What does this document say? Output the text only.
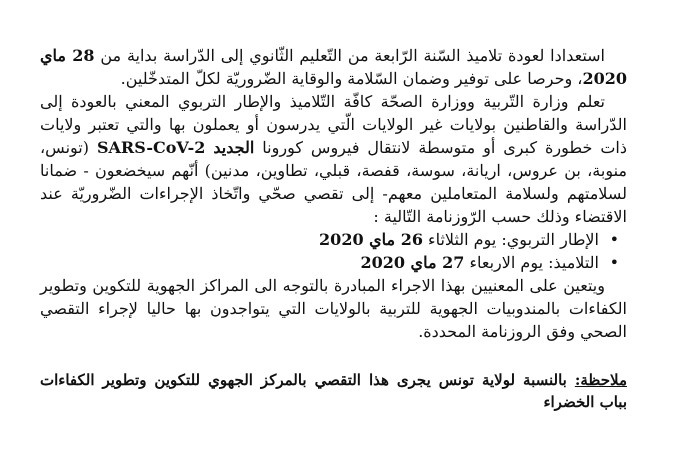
استعدادا لعودة تلاميذ السّنة الرّابعة من التّعليم الثّانوي إلى الدّراسة بداية من 28 ماي 2020، وحرصا على توفير وضمان السّلامة والوقاية الضّروريّة لكلّ المتدخّلين.

تعلم وزارة التّربية ووزارة الصحّة كافّة التّلاميذ والإطار التربوي المعني بالعودة إلى الدّراسة والقاطنين بولايات غير الولايات الّتي يدرسون أو يعملون بها والتي تعتبر ولايات ذات خطورة كبرى أو متوسطة لانتقال فيروس كورونا الجديد SARS-CoV-2 (تونس، منوبة، بن عروس، اريانة، سوسة، قفصة، قبلي، تطاوين، مدنين) أنّهم سيخضعون - ضمانا لسلامتهم ولسلامة المتعاملين معهم- إلى تقصي صحّي واتّخاذ الإجراءات الضّروريّة عند الاقتضاء وذلك حسب الرّوزنامة التّالية :

• الإطار التربوي: يوم الثلاثاء 26 ماي 2020
• التلاميذ: يوم الاربعاء 27 ماي 2020

ويتعين على المعنيين بهذا الاجراء المبادرة بالتوجه الى المراكز الجهوية للتكوين وتطوير الكفاءات بالمندوبيات الجهوية للتربية بالولايات التي يتواجدون بها حاليا لإجراء التقصي الصحي وفق الروزنامة المحددة.

ملاحظة: بالنسبة لولاية تونس يجرى هذا التقصي بالمركز الجهوي للتكوين وتطوير الكفاءات بباب الخضراء
